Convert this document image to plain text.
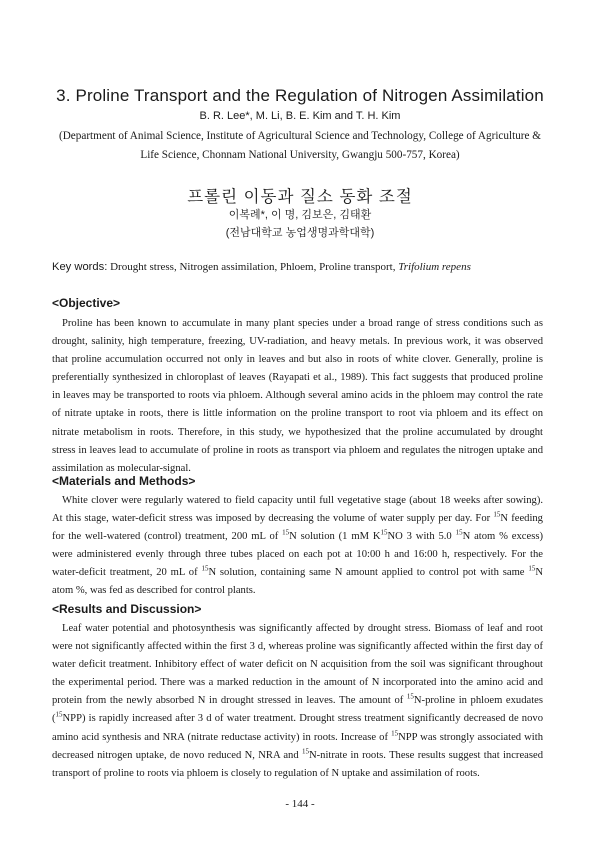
3. Proline Transport and the Regulation of Nitrogen Assimilation
B. R. Lee*, M. Li, B. E. Kim and T. H. Kim
(Department of Animal Science, Institute of Agricultural Science and Technology, College of Agriculture &
Life Science, Chonnam National University, Gwangju 500-757, Korea)
프롤린 이동과 질소 동화 조절
이복례*, 이 명, 김보은, 김태환
(전남대학교 농업생명과학대학)
Key words: Drought stress, Nitrogen assimilation, Phloem, Proline transport, Trifolium repens
<Objective>
Proline has been known to accumulate in many plant species under a broad range of stress conditions such as drought, salinity, high temperature, freezing, UV-radiation, and heavy metals. In previous work, it was observed that proline accumulation occurred not only in leaves and but also in roots of white clover. Generally, proline is preferentially synthesized in chloroplast of leaves (Rayapati et al., 1989). This fact suggests that produced proline in leaves may be transported to roots via phloem. Although several amino acids in the phloem may control the rate of nitrate uptake in roots, there is little information on the proline transport to root via phloem and its effect on nitrate metabolism in roots. Therefore, in this study, we hypothesized that the proline accumulated by drought stress in leaves lead to accumulate of proline in roots as transport via phloem and regulates the nitrogen uptake and assimilation as molecular-signal.
<Materials and Methods>
White clover were regularly watered to field capacity until full vegetative stage (about 18 weeks after sowing). At this stage, water-deficit stress was imposed by decreasing the volume of water supply per day. For $^{15}$N feeding for the well-watered (control) treatment, 200 mL of $^{15}$N solution (1 mM $K^{15}NO$ 3 with 5.0 $^{15}$N atom % excess) were administered evenly through three tubes placed on each pot at 10:00 h and 16:00 h, respectively. For the water-deficit treatment, 20 mL of $^{15}$N solution, containing same N amount applied to control pot with same $^{15}$N atom %, was fed as described for control plants.
<Results and Discussion>
Leaf water potential and photosynthesis was significantly affected by drought stress. Biomass of leaf and root were not significantly affected within the first 3 d, whereas proline was significantly affected within the first day of water deficit treatment. Inhibitory effect of water deficit on N acquisition from the soil was significant throughout the experimental period. There was a marked reduction in the amount of N incorporated into the amino acid and protein from the newly absorbed N in drought stressed in leaves. The amount of $^{15}$N-proline in phloem exudates ($^{15}$NPP) is rapidly increased after 3 d of water treatment. Drought stress treatment significantly decreased de novo amino acid synthesis and NRA (nitrate reductase activity) in roots. Increase of $^{15}$NPP was strongly associated with decreased nitrogen uptake, de novo reduced N, NRA and $^{15}$N-nitrate in roots. These results suggest that increased transport of proline to roots via phloem is closely to regulation of N uptake and assimilation of roots.
- 144 -
